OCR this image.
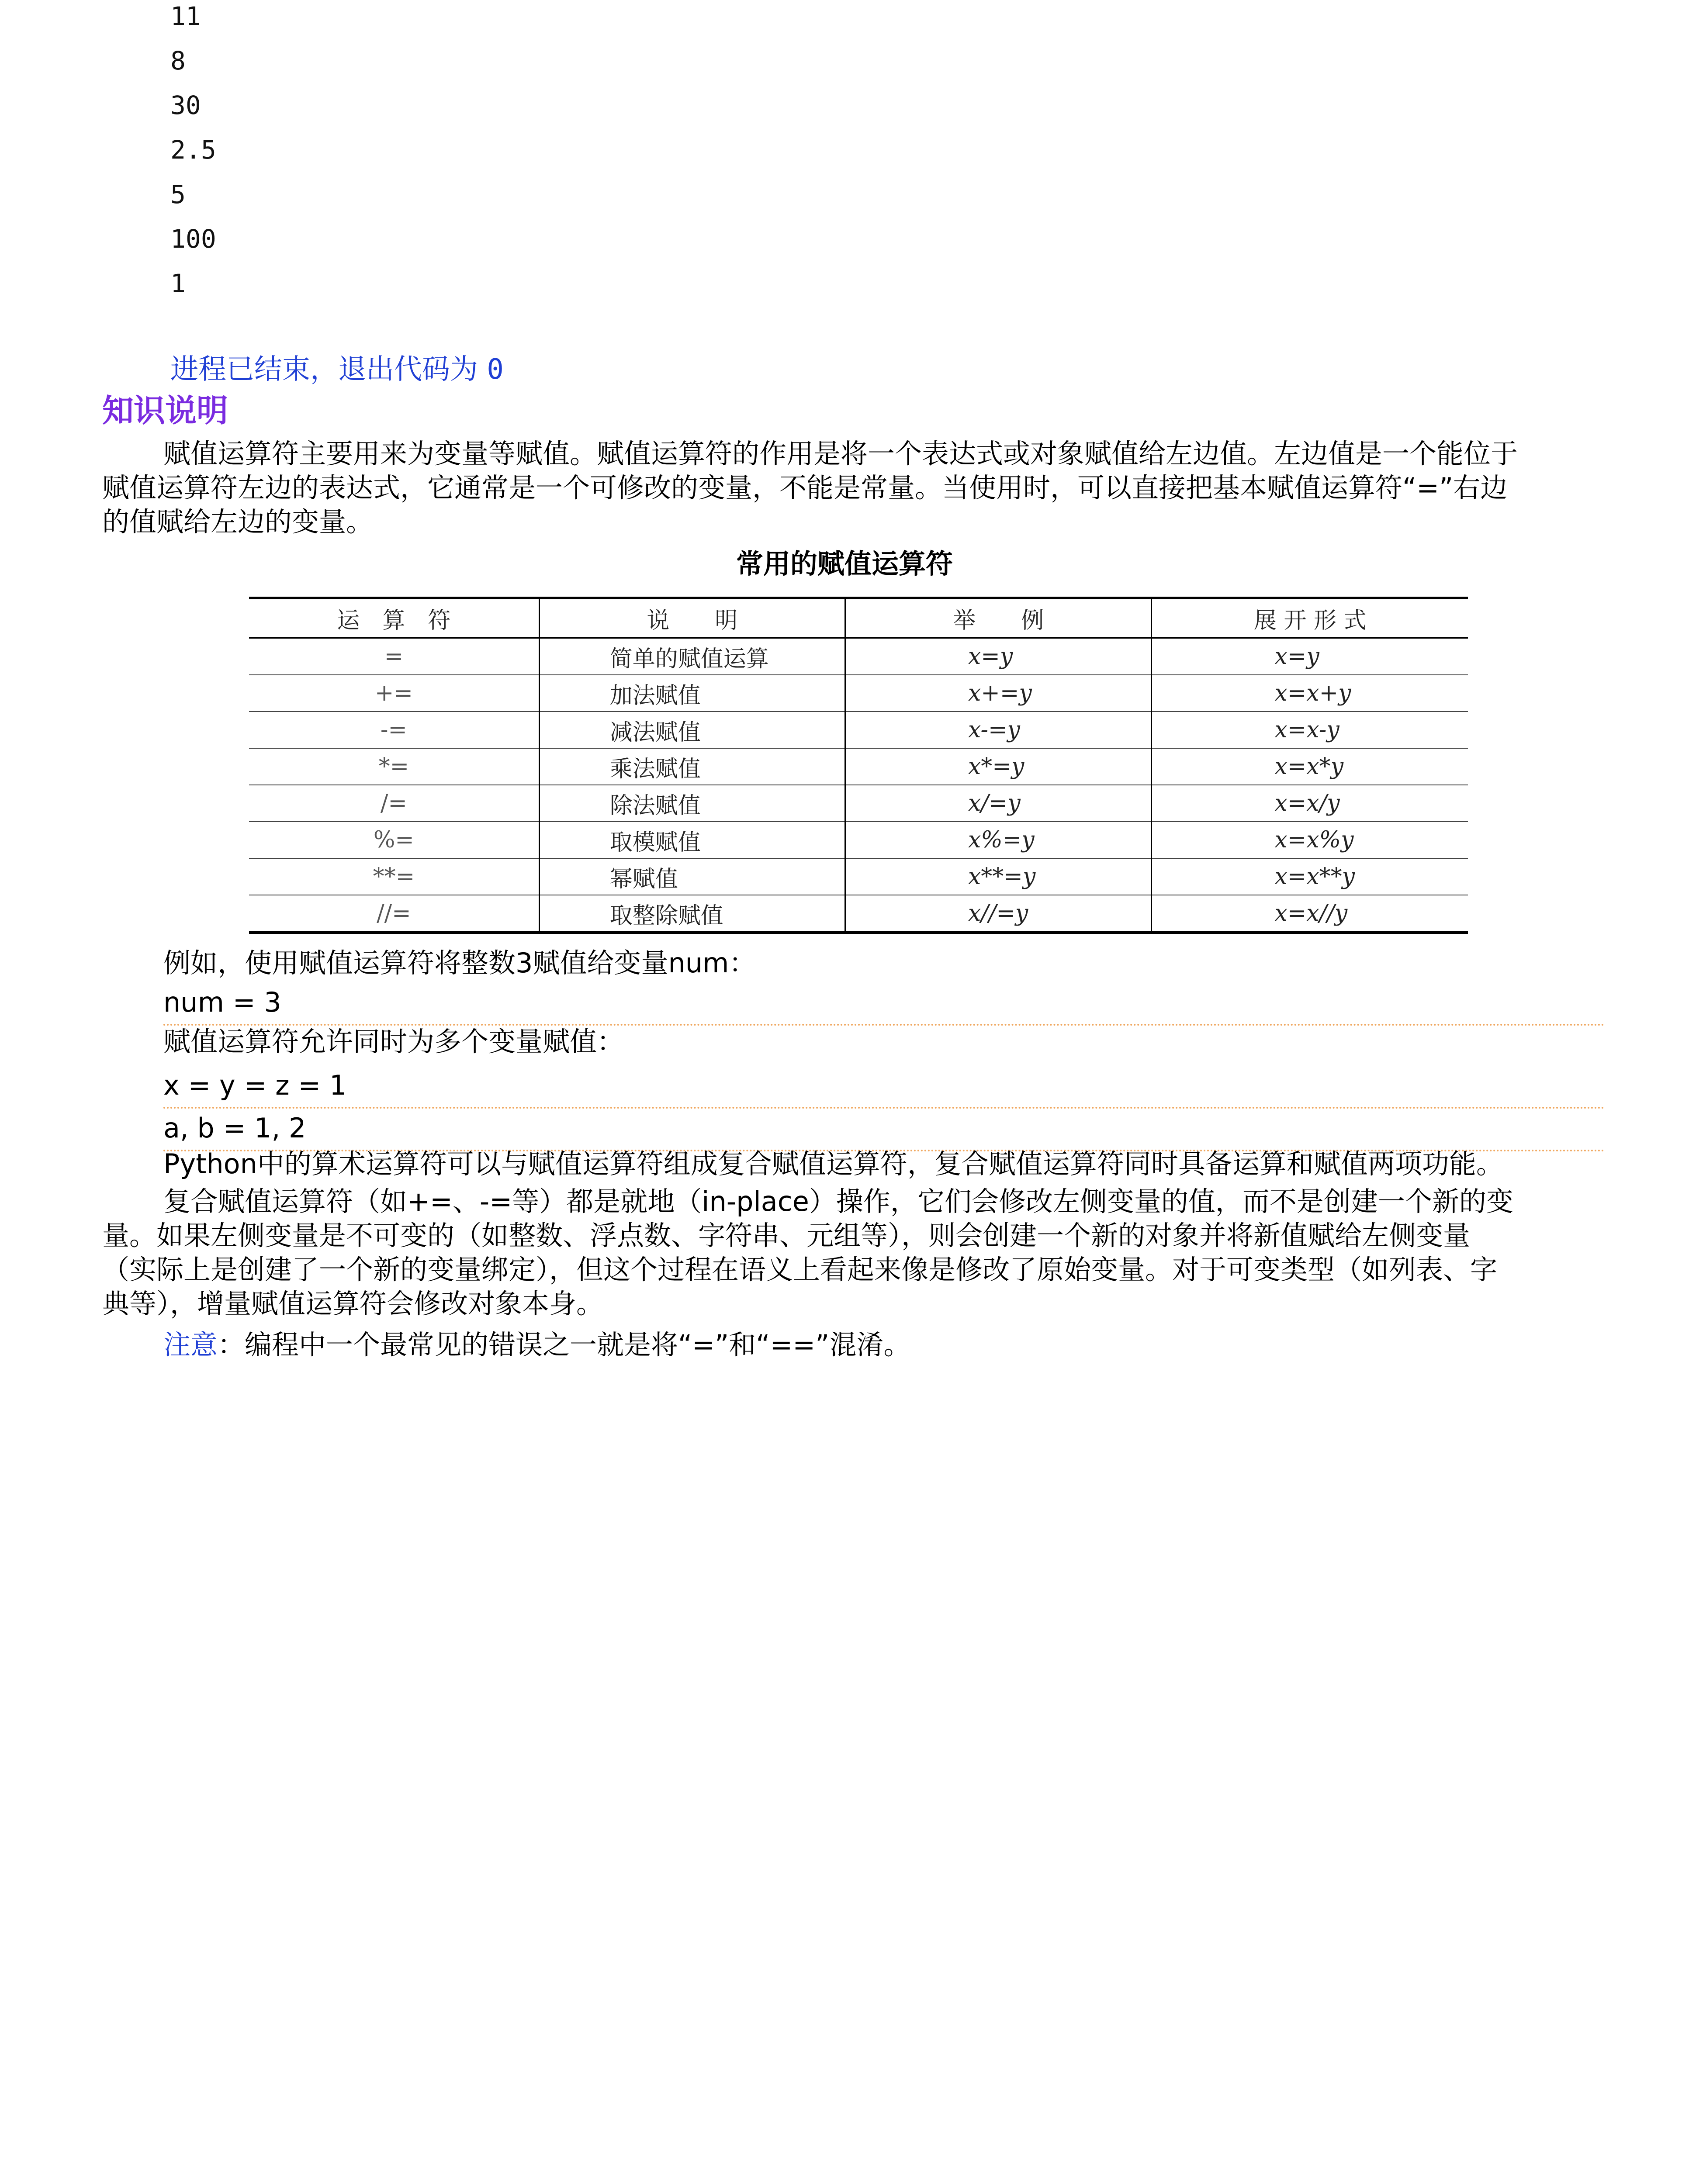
11
8
30
2.5
5
100
1
进程已结束，退出代码为 0
知识说明
赋值运算符主要用来为变量等赋值。赋值运算符的作用是将一个表达式或对象赋值给左边值。左边值是一个能位于
赋值运算符左边的表达式，它通常是一个可修改的变量，不能是常量。当使用时，可以直接把基本赋值运算符“=”右边
的值赋给左边的变量。
常用的赋值运算符
运　算　符	说　　明	举　　例	展 开 形 式
=	简单的赋值运算	x=y	x=y
+=	加法赋值	x+=y	x=x+y
-=	减法赋值	x-=y	x=x-y
*=	乘法赋值	x*=y	x=x*y
/=	除法赋值	x/=y	x=x/y
%=	取模赋值	x%=y	x=x%y
**=	幂赋值	x**=y	x=x**y
//=	取整除赋值	x//=y	x=x//y
例如，使用赋值运算符将整数3赋值给变量num：
num = 3
赋值运算符允许同时为多个变量赋值：
x = y = z = 1
a, b = 1, 2
Python中的算术运算符可以与赋值运算符组成复合赋值运算符，复合赋值运算符同时具备运算和赋值两项功能。
复合赋值运算符（如+=、-=等）都是就地（in-place）操作，它们会修改左侧变量的值，而不是创建一个新的变
量。如果左侧变量是不可变的（如整数、浮点数、字符串、元组等），则会创建一个新的对象并将新值赋给左侧变量
（实际上是创建了一个新的变量绑定），但这个过程在语义上看起来像是修改了原始变量。对于可变类型（如列表、字
典等），增量赋值运算符会修改对象本身。
注意：编程中一个最常见的错误之一就是将“=”和“==”混淆。
